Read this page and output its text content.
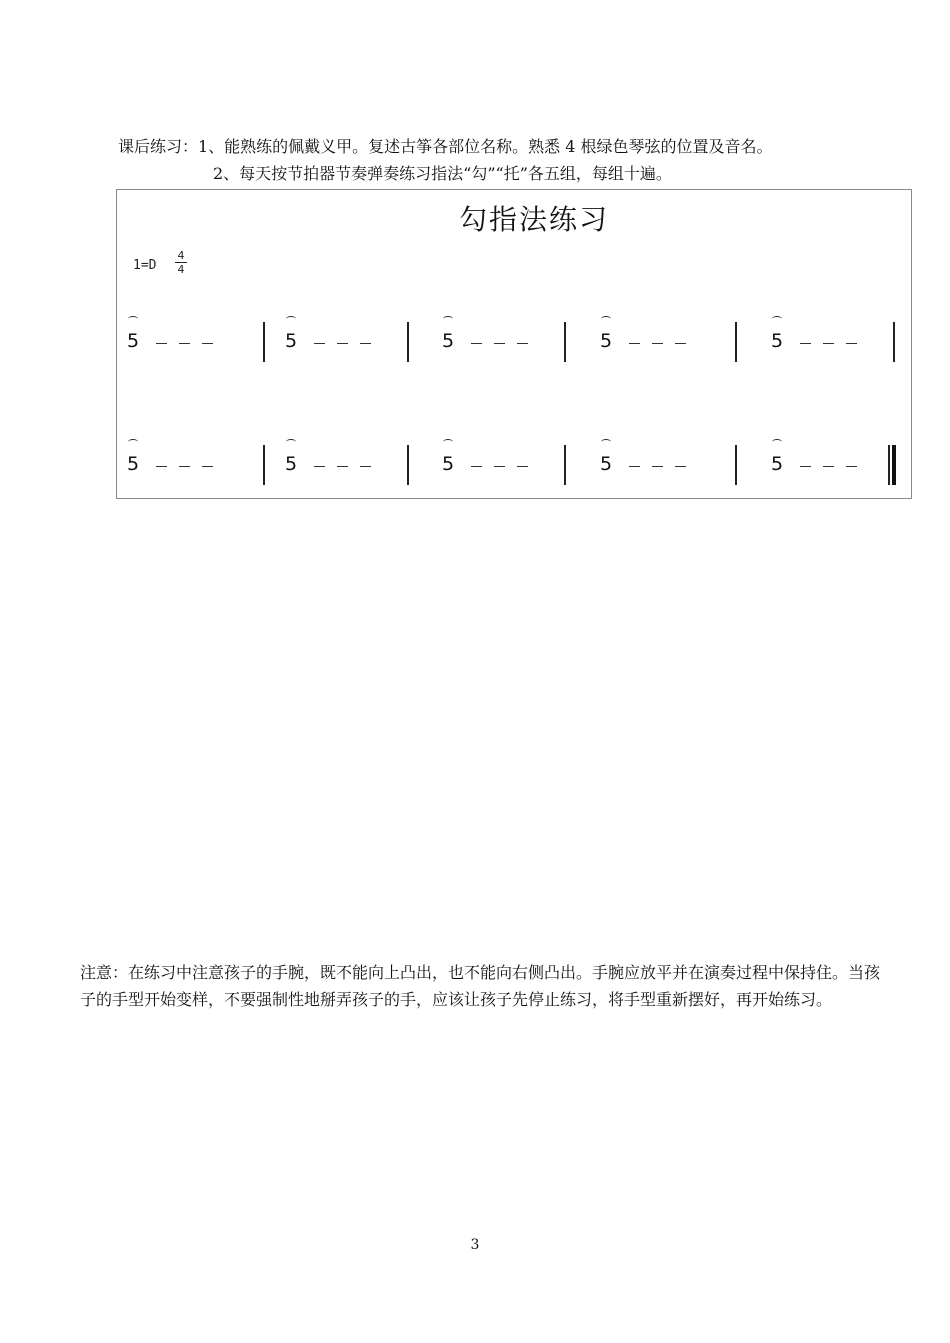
课后练习：1、能熟练的佩戴义甲。复述古筝各部位名称。熟悉 4 根绿色琴弦的位置及音名。
2、每天按节拍器节奏弹奏练习指法“勾”“托”各五组，每组十遍。
勾指法练习
1=D
4
4
5	5	5	5	5
5	5	5	5	5
注意：在练习中注意孩子的手腕，既不能向上凸出，也不能向右侧凸出。手腕应放平并在演奏过程中保持住。当孩子的手型开始变样，不要强制性地掰弄孩子的手，应该让孩子先停止练习，将手型重新摆好，再开始练习。
3
